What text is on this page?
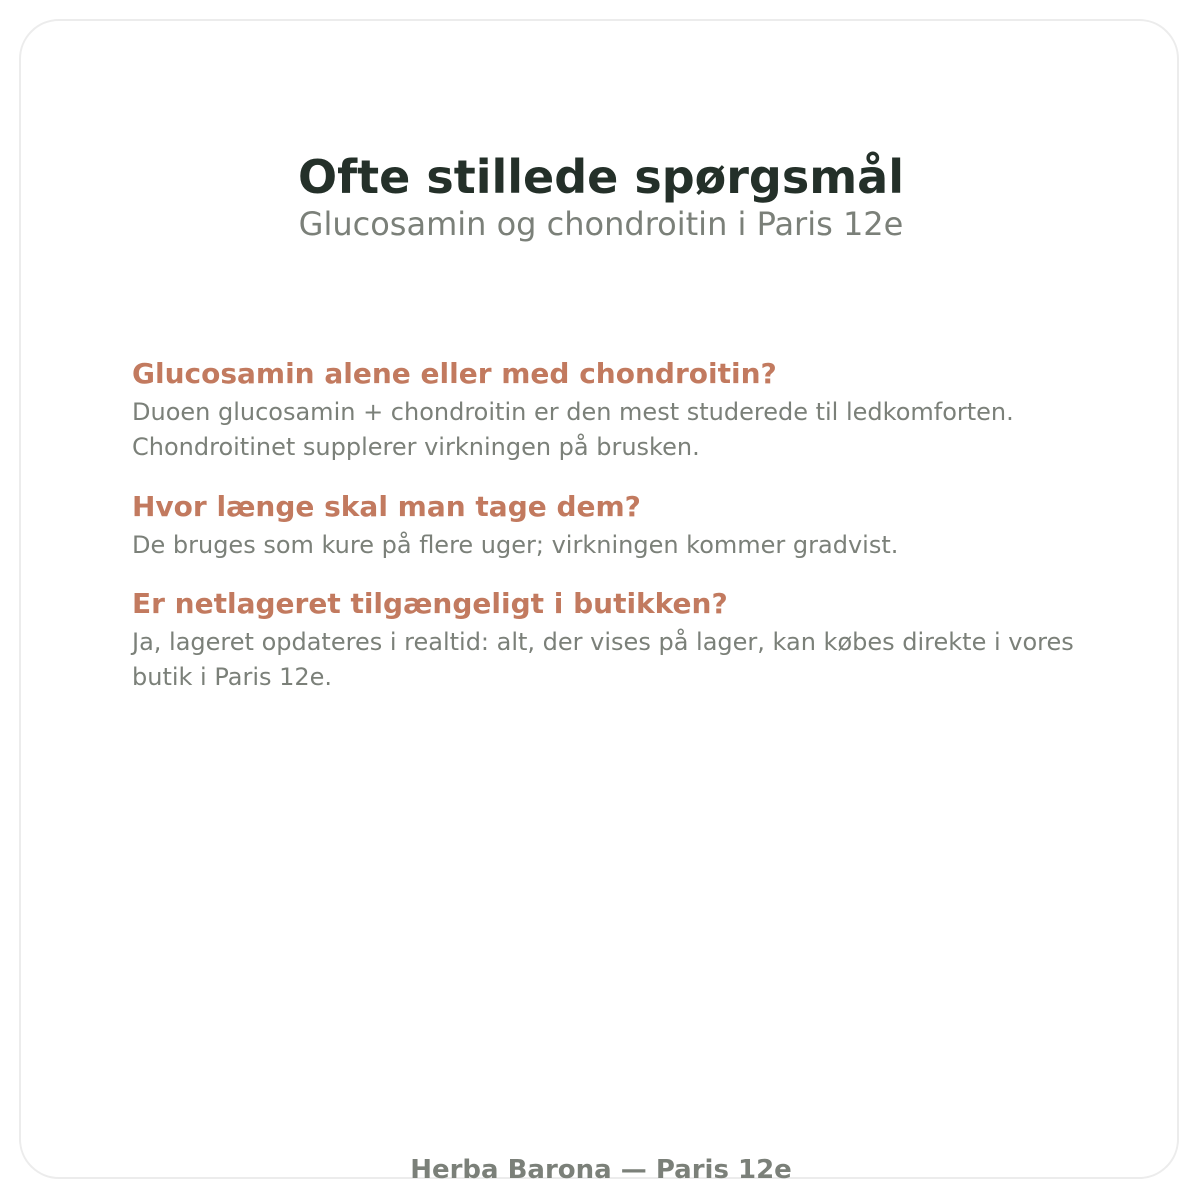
Ofte stillede spørgsmål
Glucosamin og chondroitin i Paris 12e
Glucosamin alene eller med chondroitin?

Duoen glucosamin + chondroitin er den mest studerede til ledkomforten. Chondroitinet supplerer virkningen på brusken.

Hvor længe skal man tage dem?

De bruges som kure på flere uger; virkningen kommer gradvist.

Er netlageret tilgængeligt i butikken?

Ja, lageret opdateres i realtid: alt, der vises på lager, kan købes direkte i vores butik i Paris 12e.

Herba Barona — Paris 12e
